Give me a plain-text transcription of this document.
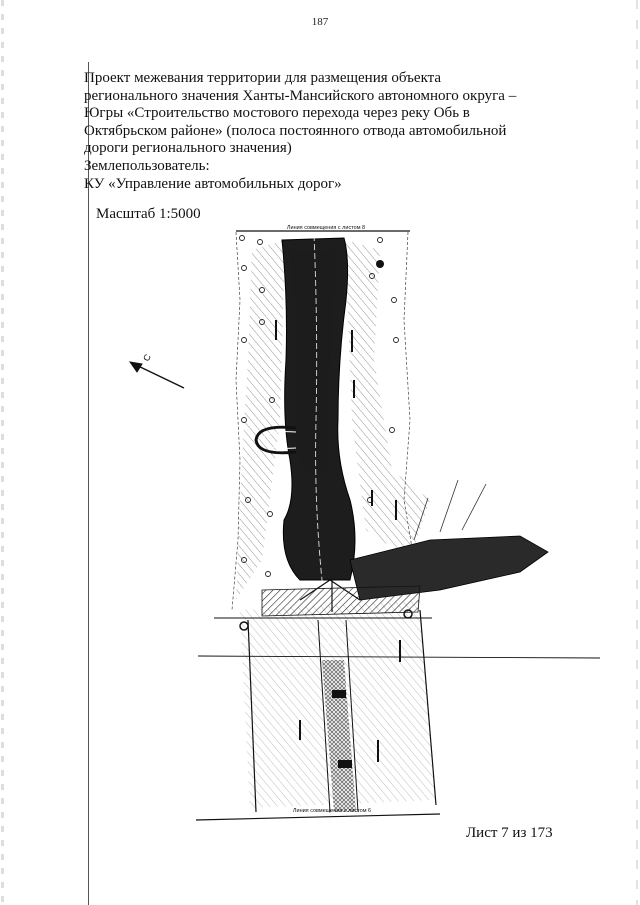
187
Проект межевания территории для размещения объекта
регионального значения Ханты-Мансийского автономного округа –
Югры «Строительство мостового перехода через реку Обь в
Октябрьском районе» (полоса постоянного отвода автомобильной
дороги регионального значения)
Землепользователь:
КУ «Управление автомобильных дорог»
Масштаб 1:5000
Линия совмещения с листом 8
Линия совмещения с листом 6
С
Лист 7 из 173
